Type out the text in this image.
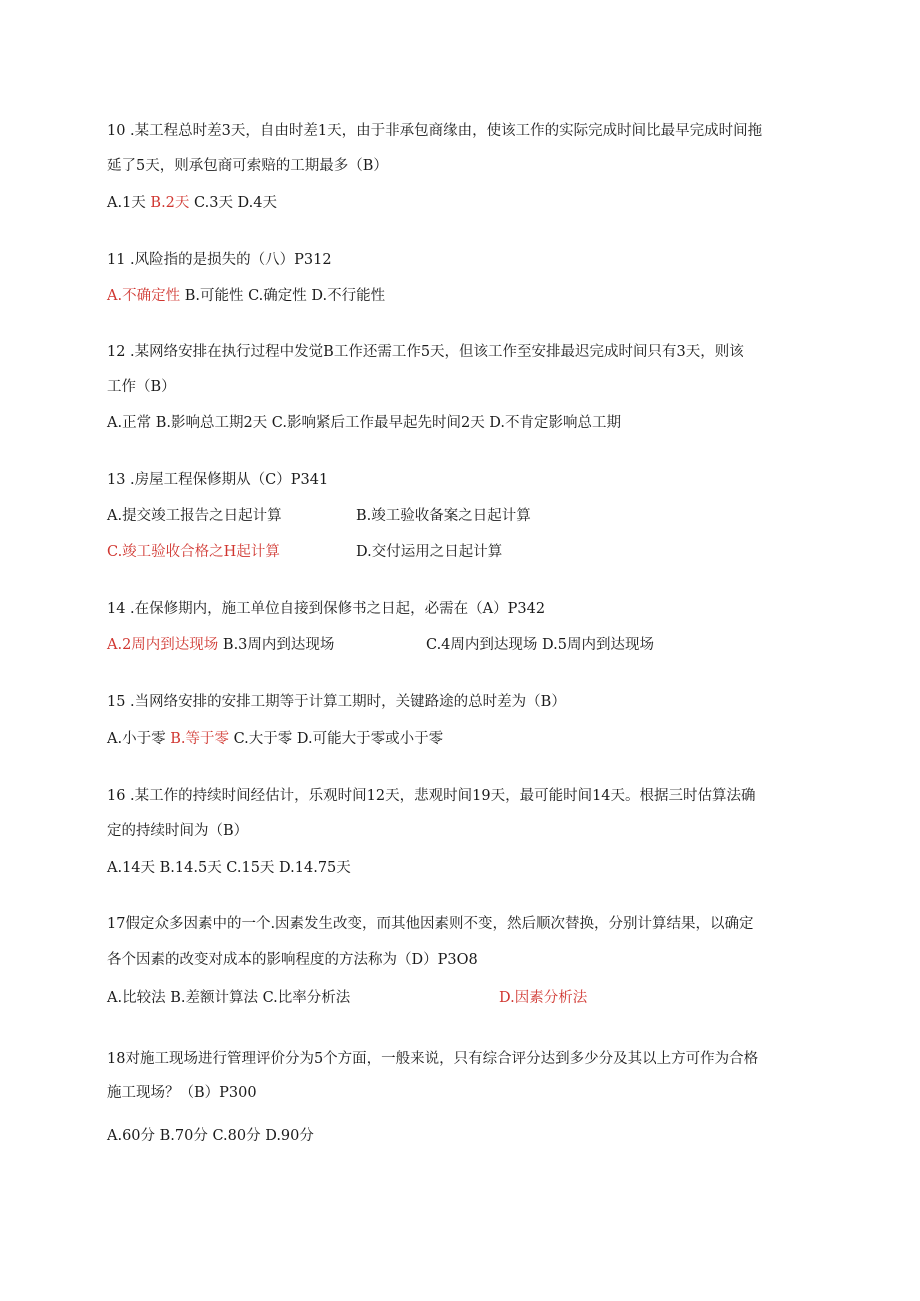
10 .某工程总时差3天，自由时差1天，由于非承包商缘由，使该工作的实际完成时间比最早完成时间拖
延了5天，则承包商可索赔的工期最多（B）
A.1天 B.2天 C.3天 D.4天
11 .风险指的是损失的（八）P312
A.不确定性 B.可能性 C.确定性 D.不行能性
12 .某网络安排在执行过程中发觉B工作还需工作5天，但该工作至安排最迟完成时间只有3天，则该
工作（B）
A.正常 B.影响总工期2天 C.影响紧后工作最早起先时间2天 D.不肯定影响总工期
13 .房屋工程保修期从（C）P341
A.提交竣工报告之日起计算	B.竣工验收备案之日起计算
C.竣工验收合格之H起计算	D.交付运用之日起计算
14 .在保修期内，施工单位自接到保修书之日起，必需在（A）P342
A.2周内到达现场 B.3周内到达现场	C.4周内到达现场 D.5周内到达现场
15 .当网络安排的安排工期等于计算工期时，关键路途的总时差为（B）
A.小于零 B.等于零 C.大于零 D.可能大于零或小于零
16 .某工作的持续时间经估计，乐观时间12天，悲观时间19天，最可能时间14天。根据三时估算法确
定的持续时间为（B）
A.14天 B.14.5天 C.15天 D.14.75天
17假定众多因素中的一个.因素发生改变，而其他因素则不变，然后顺次替换，分别计算结果，以确定
各个因素的改变对成本的影响程度的方法称为（D）P3O8
A.比较法 B.差额计算法 C.比率分析法	D.因素分析法
18对施工现场进行管理评价分为5个方面，一般来说，只有综合评分达到多少分及其以上方可作为合格
施工现场？（B）P300
A.60分 B.70分 C.80分 D.90分
